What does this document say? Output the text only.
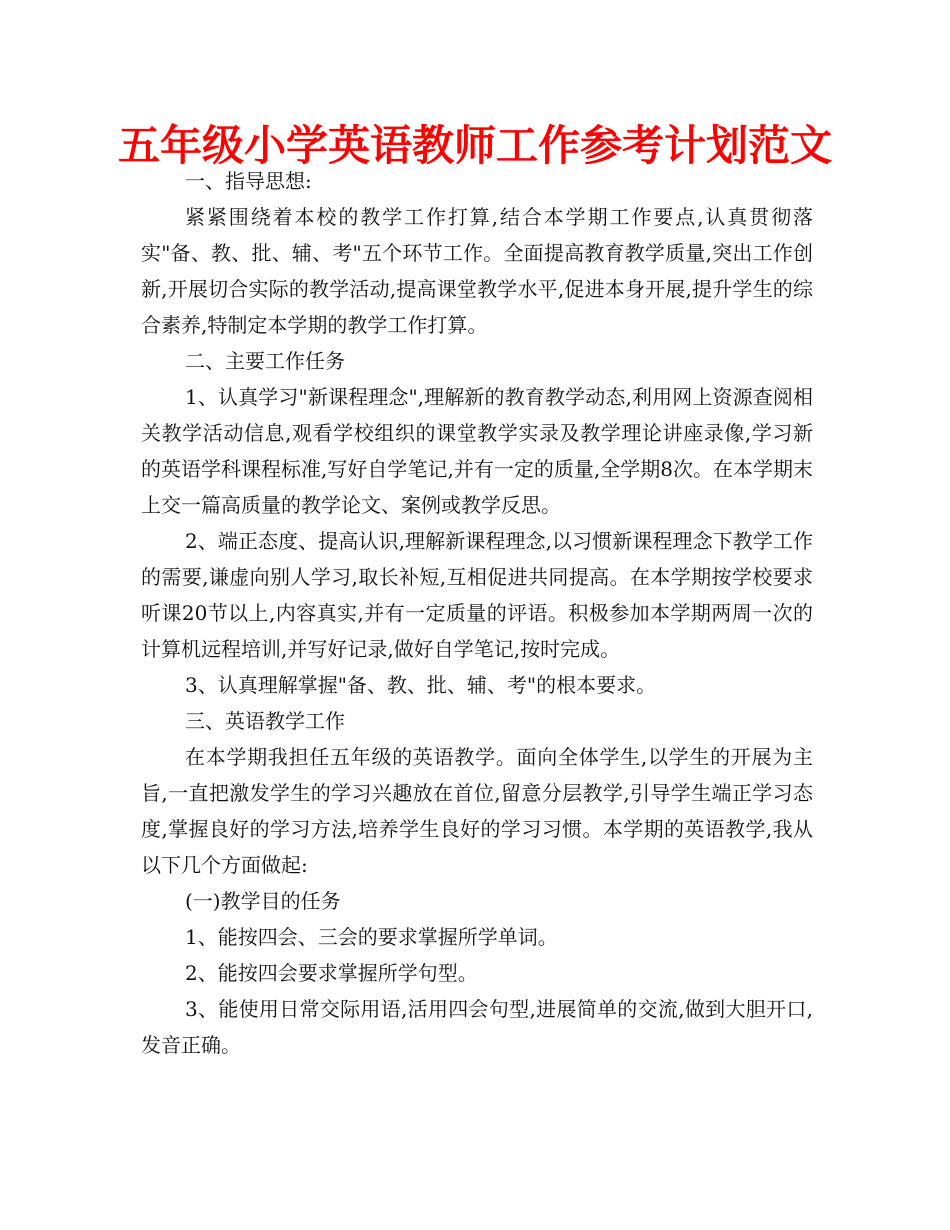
五年级小学英语教师工作参考计划范文

一、指导思想:

紧紧围绕着本校的教学工作打算,结合本学期工作要点,认真贯彻落实"备、教、批、辅、考"五个环节工作。全面提高教育教学质量,突出工作创新,开展切合实际的教学活动,提高课堂教学水平,促进本身开展,提升学生的综合素养,特制定本学期的教学工作打算。

二、主要工作任务

1、认真学习"新课程理念",理解新的教育教学动态,利用网上资源查阅相关教学活动信息,观看学校组织的课堂教学实录及教学理论讲座录像,学习新的英语学科课程标准,写好自学笔记,并有一定的质量,全学期8次。在本学期末上交一篇高质量的教学论文、案例或教学反思。

2、端正态度、提高认识,理解新课程理念,以习惯新课程理念下教学工作的需要,谦虚向别人学习,取长补短,互相促进共同提高。在本学期按学校要求听课20节以上,内容真实,并有一定质量的评语。积极参加本学期两周一次的计算机远程培训,并写好记录,做好自学笔记,按时完成。

3、认真理解掌握"备、教、批、辅、考"的根本要求。

三、英语教学工作

在本学期我担任五年级的英语教学。面向全体学生,以学生的开展为主旨,一直把激发学生的学习兴趣放在首位,留意分层教学,引导学生端正学习态度,掌握良好的学习方法,培养学生良好的学习习惯。本学期的英语教学,我从以下几个方面做起:

(一)教学目的任务

1、能按四会、三会的要求掌握所学单词。

2、能按四会要求掌握所学句型。

3、能使用日常交际用语,活用四会句型,进展简单的交流,做到大胆开口,发音正确。
